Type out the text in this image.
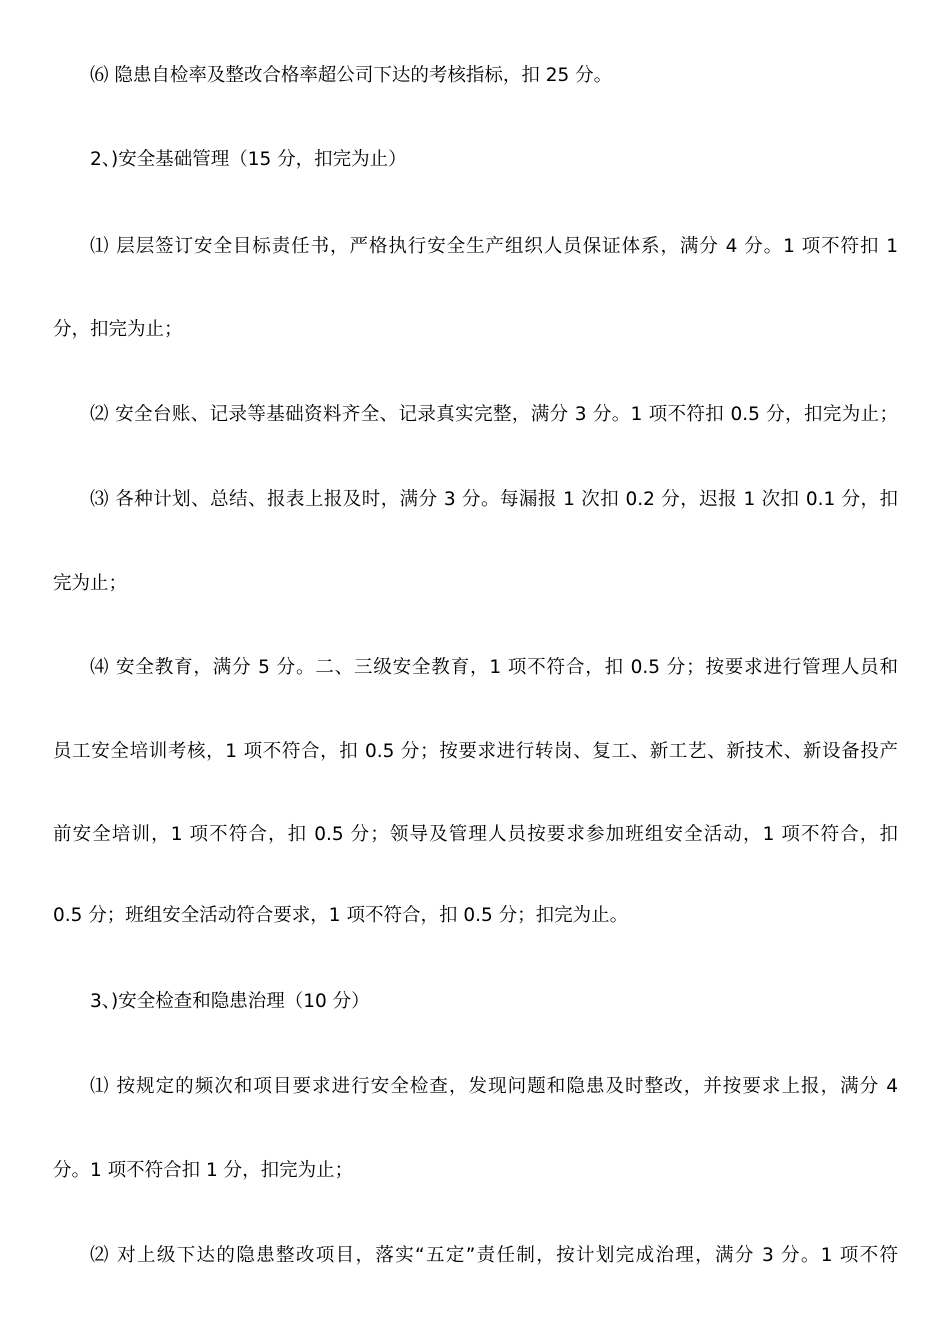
⑹ 隐患自检率及整改合格率超公司下达的考核指标，扣 25 分。
2、)安全基础管理（15 分，扣完为止）
⑴ 层层签订安全目标责任书，严格执行安全生产组织人员保证体系，满分 4 分。1 项不符扣 1
分，扣完为止；
⑵ 安全台账、记录等基础资料齐全、记录真实完整，满分 3 分。1 项不符扣 0.5 分，扣完为止；
⑶ 各种计划、总结、报表上报及时，满分 3 分。每漏报 1 次扣 0.2 分，迟报 1 次扣 0.1 分，扣
完为止；
⑷ 安全教育，满分 5 分。二、三级安全教育，1 项不符合，扣 0.5 分；按要求进行管理人员和
员工安全培训考核，1 项不符合，扣 0.5 分；按要求进行转岗、复工、新工艺、新技术、新设备投产
前安全培训，1 项不符合，扣 0.5 分；领导及管理人员按要求参加班组安全活动，1 项不符合，扣
0.5 分；班组安全活动符合要求，1 项不符合，扣 0.5 分；扣完为止。
3、)安全检查和隐患治理（10 分）
⑴ 按规定的频次和项目要求进行安全检查，发现问题和隐患及时整改，并按要求上报，满分 4
分。1 项不符合扣 1 分，扣完为止；
⑵ 对上级下达的隐患整改项目，落实“五定”责任制，按计划完成治理，满分 3 分。1 项不符
